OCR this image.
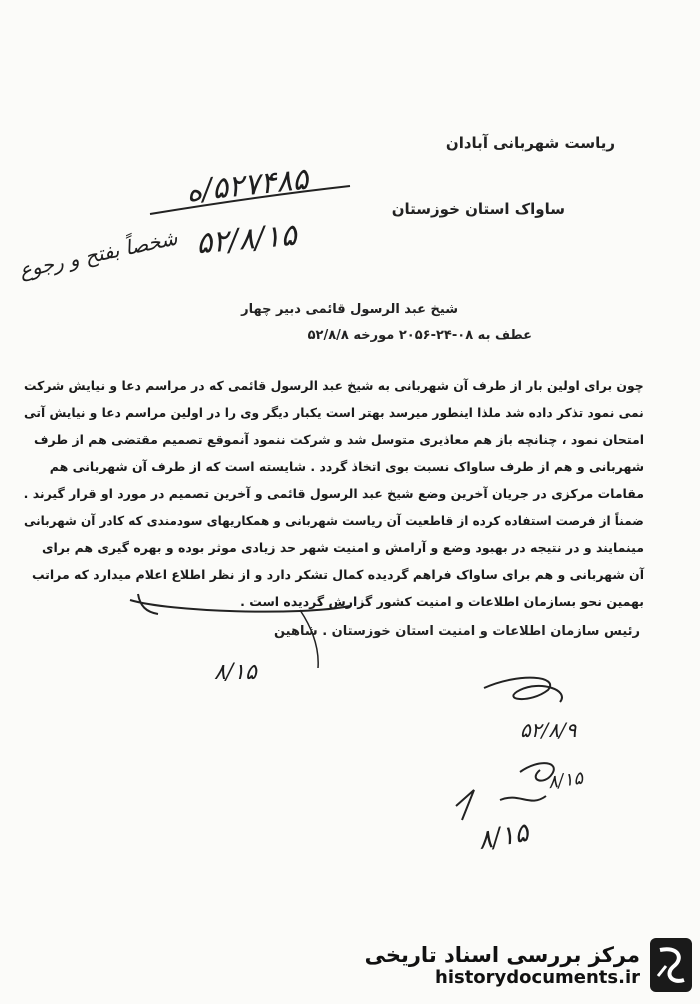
ریاست شهربانی آبادان
ساواک استان خوزستان
۵۲۷۴۸۵/ه
۵۲/۸/۱۵
شخصاً بفتح و رجوع
شیخ عبد الرسول قائمی دبیر چهار
عطف به ۰۸-۲۴-۲۰۵۶ مورخه ۵۲/۸/۸
چون برای اولین بار از طرف آن شهربانی به شیخ عبد الرسول قائمی که در مراسم دعا و نیایش شرکت
نمی نمود تذکر داده شد ملذا اینطور میرسد بهتر است یکبار دیگر وی را در اولین مراسم دعا و نیایش آتی
امتحان نمود ، چنانچه باز هم معاذیری متوسل شد و شرکت ننمود آنموقع تصمیم مقتضی هم از طرف
شهربانی و هم از طرف ساواک نسبت بوی اتخاذ گردد . شایسته است که از طرف آن شهربانی هم
مقامات مرکزی در جریان آخرین وضع شیخ عبد الرسول قائمی و آخرین تصمیم در مورد او قرار گیرند .
ضمناً از فرصت استفاده کرده از قاطعیت آن ریاست شهربانی و همکاریهای سودمندی که کادر آن شهربانی
مینمایند و در نتیجه در بهبود وضع و آرامش و امنیت شهر حد زیادی موثر بوده و بهره گیری هم برای
آن شهربانی و هم برای ساواک فراهم گردیده کمال تشکر دارد و از نظر اطلاع اعلام میدارد که مراتب
بهمین نحو بسازمان اطلاعات و امنیت کشور گزارش گردیده است .
رئیس سازمان اطلاعات و امنیت استان خوزستان . شاهین
۸/۱۵
۵۲/۸/۹
۸/۱۵
۸/۱۵
مرکز بررسی اسناد تاریخی
historydocuments.ir
